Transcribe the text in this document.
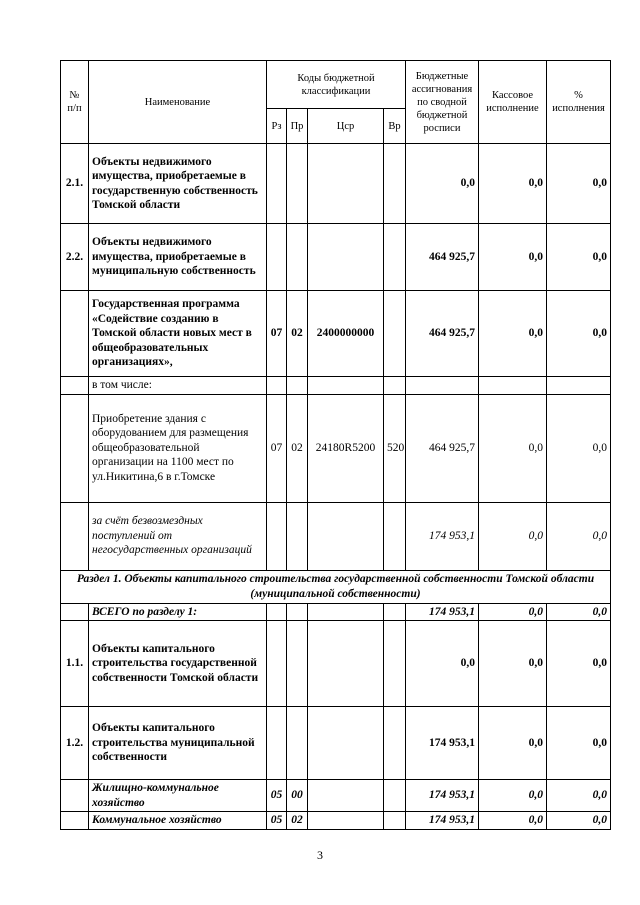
№ п/п	Наименование	Коды бюджетной классификации				Бюджетные ассигнования по сводной бюджетной росписи	Кассовое исполнение	% исполнения
		Рз	Пр	Цср	Вр			
2.1.	Объекты недвижимого имущества, приобретаемые в государственную собственность Томской области					0,0	0,0	0,0
2.2.	Объекты недвижимого имущества, приобретаемые в муниципальную собственность					464 925,7	0,0	0,0
	Государственная программа «Содействие созданию в Томской области новых мест в общеобразовательных организациях»,	07	02	2400000000		464 925,7	0,0	0,0
	в том числе:							
	Приобретение здания с оборудованием для размещения общеобразовательной организации на 1100 мест по ул.Никитина,6 в г.Томске	07	02	24180R5200	520	464 925,7	0,0	0,0
	за счёт безвозмездных поступлений от негосударственных организаций					174 953,1	0,0	0,0
Раздел 1. Объекты капитального строительства государственной собственности Томской области (муниципальной собственности)								
	ВСЕГО по разделу 1:					174 953,1	0,0	0,0
1.1.	Объекты капитального строительства государственной собственности Томской области					0,0	0,0	0,0
1.2.	Объекты капитального строительства муниципальной собственности					174 953,1	0,0	0,0
	Жилищно-коммунальное хозяйство	05	00			174 953,1	0,0	0,0
	Коммунальное хозяйство	05	02			174 953,1	0,0	0,0
3
